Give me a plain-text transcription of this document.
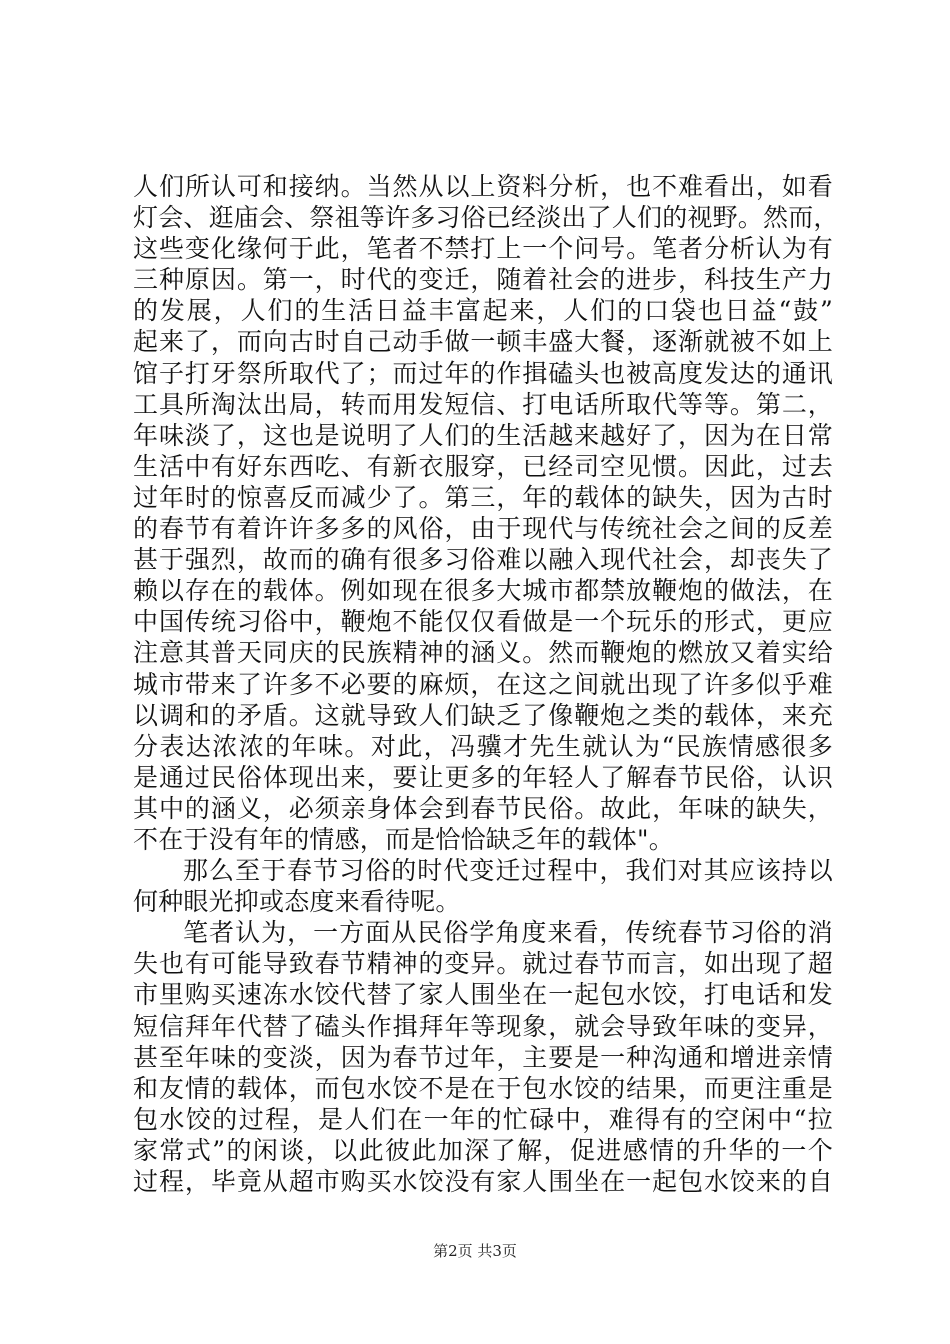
人们所认可和接纳。当然从以上资料分析，也不难看出，如看
灯会、逛庙会、祭祖等许多习俗已经淡出了人们的视野。然而，
这些变化缘何于此，笔者不禁打上一个问号。笔者分析认为有
三种原因。第一，时代的变迁，随着社会的进步，科技生产力
的发展，人们的生活日益丰富起来，人们的口袋也日益“鼓”
起来了，而向古时自己动手做一顿丰盛大餐，逐渐就被不如上
馆子打牙祭所取代了；而过年的作揖磕头也被高度发达的通讯
工具所淘汰出局，转而用发短信、打电话所取代等等。第二，
年味淡了，这也是说明了人们的生活越来越好了，因为在日常
生活中有好东西吃、有新衣服穿，已经司空见惯。因此，过去
过年时的惊喜反而减少了。第三，年的载体的缺失，因为古时
的春节有着许许多多的风俗，由于现代与传统社会之间的反差
甚于强烈，故而的确有很多习俗难以融入现代社会，却丧失了
赖以存在的载体。例如现在很多大城市都禁放鞭炮的做法，在
中国传统习俗中，鞭炮不能仅仅看做是一个玩乐的形式，更应
注意其普天同庆的民族精神的涵义。然而鞭炮的燃放又着实给
城市带来了许多不必要的麻烦，在这之间就出现了许多似乎难
以调和的矛盾。这就导致人们缺乏了像鞭炮之类的载体，来充
分表达浓浓的年味。对此，冯骥才先生就认为“民族情感很多
是通过民俗体现出来，要让更多的年轻人了解春节民俗，认识
其中的涵义，必须亲身体会到春节民俗。故此，年味的缺失，
不在于没有年的情感，而是恰恰缺乏年的载体"。
那么至于春节习俗的时代变迁过程中，我们对其应该持以
何种眼光抑或态度来看待呢。
笔者认为，一方面从民俗学角度来看，传统春节习俗的消
失也有可能导致春节精神的变异。就过春节而言，如出现了超
市里购买速冻水饺代替了家人围坐在一起包水饺，打电话和发
短信拜年代替了磕头作揖拜年等现象，就会导致年味的变异，
甚至年味的变淡，因为春节过年，主要是一种沟通和增进亲情
和友情的载体，而包水饺不是在于包水饺的结果，而更注重是
包水饺的过程，是人们在一年的忙碌中，难得有的空闲中“拉
家常式”的闲谈，以此彼此加深了解，促进感情的升华的一个
过程，毕竟从超市购买水饺没有家人围坐在一起包水饺来的自
第2页 共3页
